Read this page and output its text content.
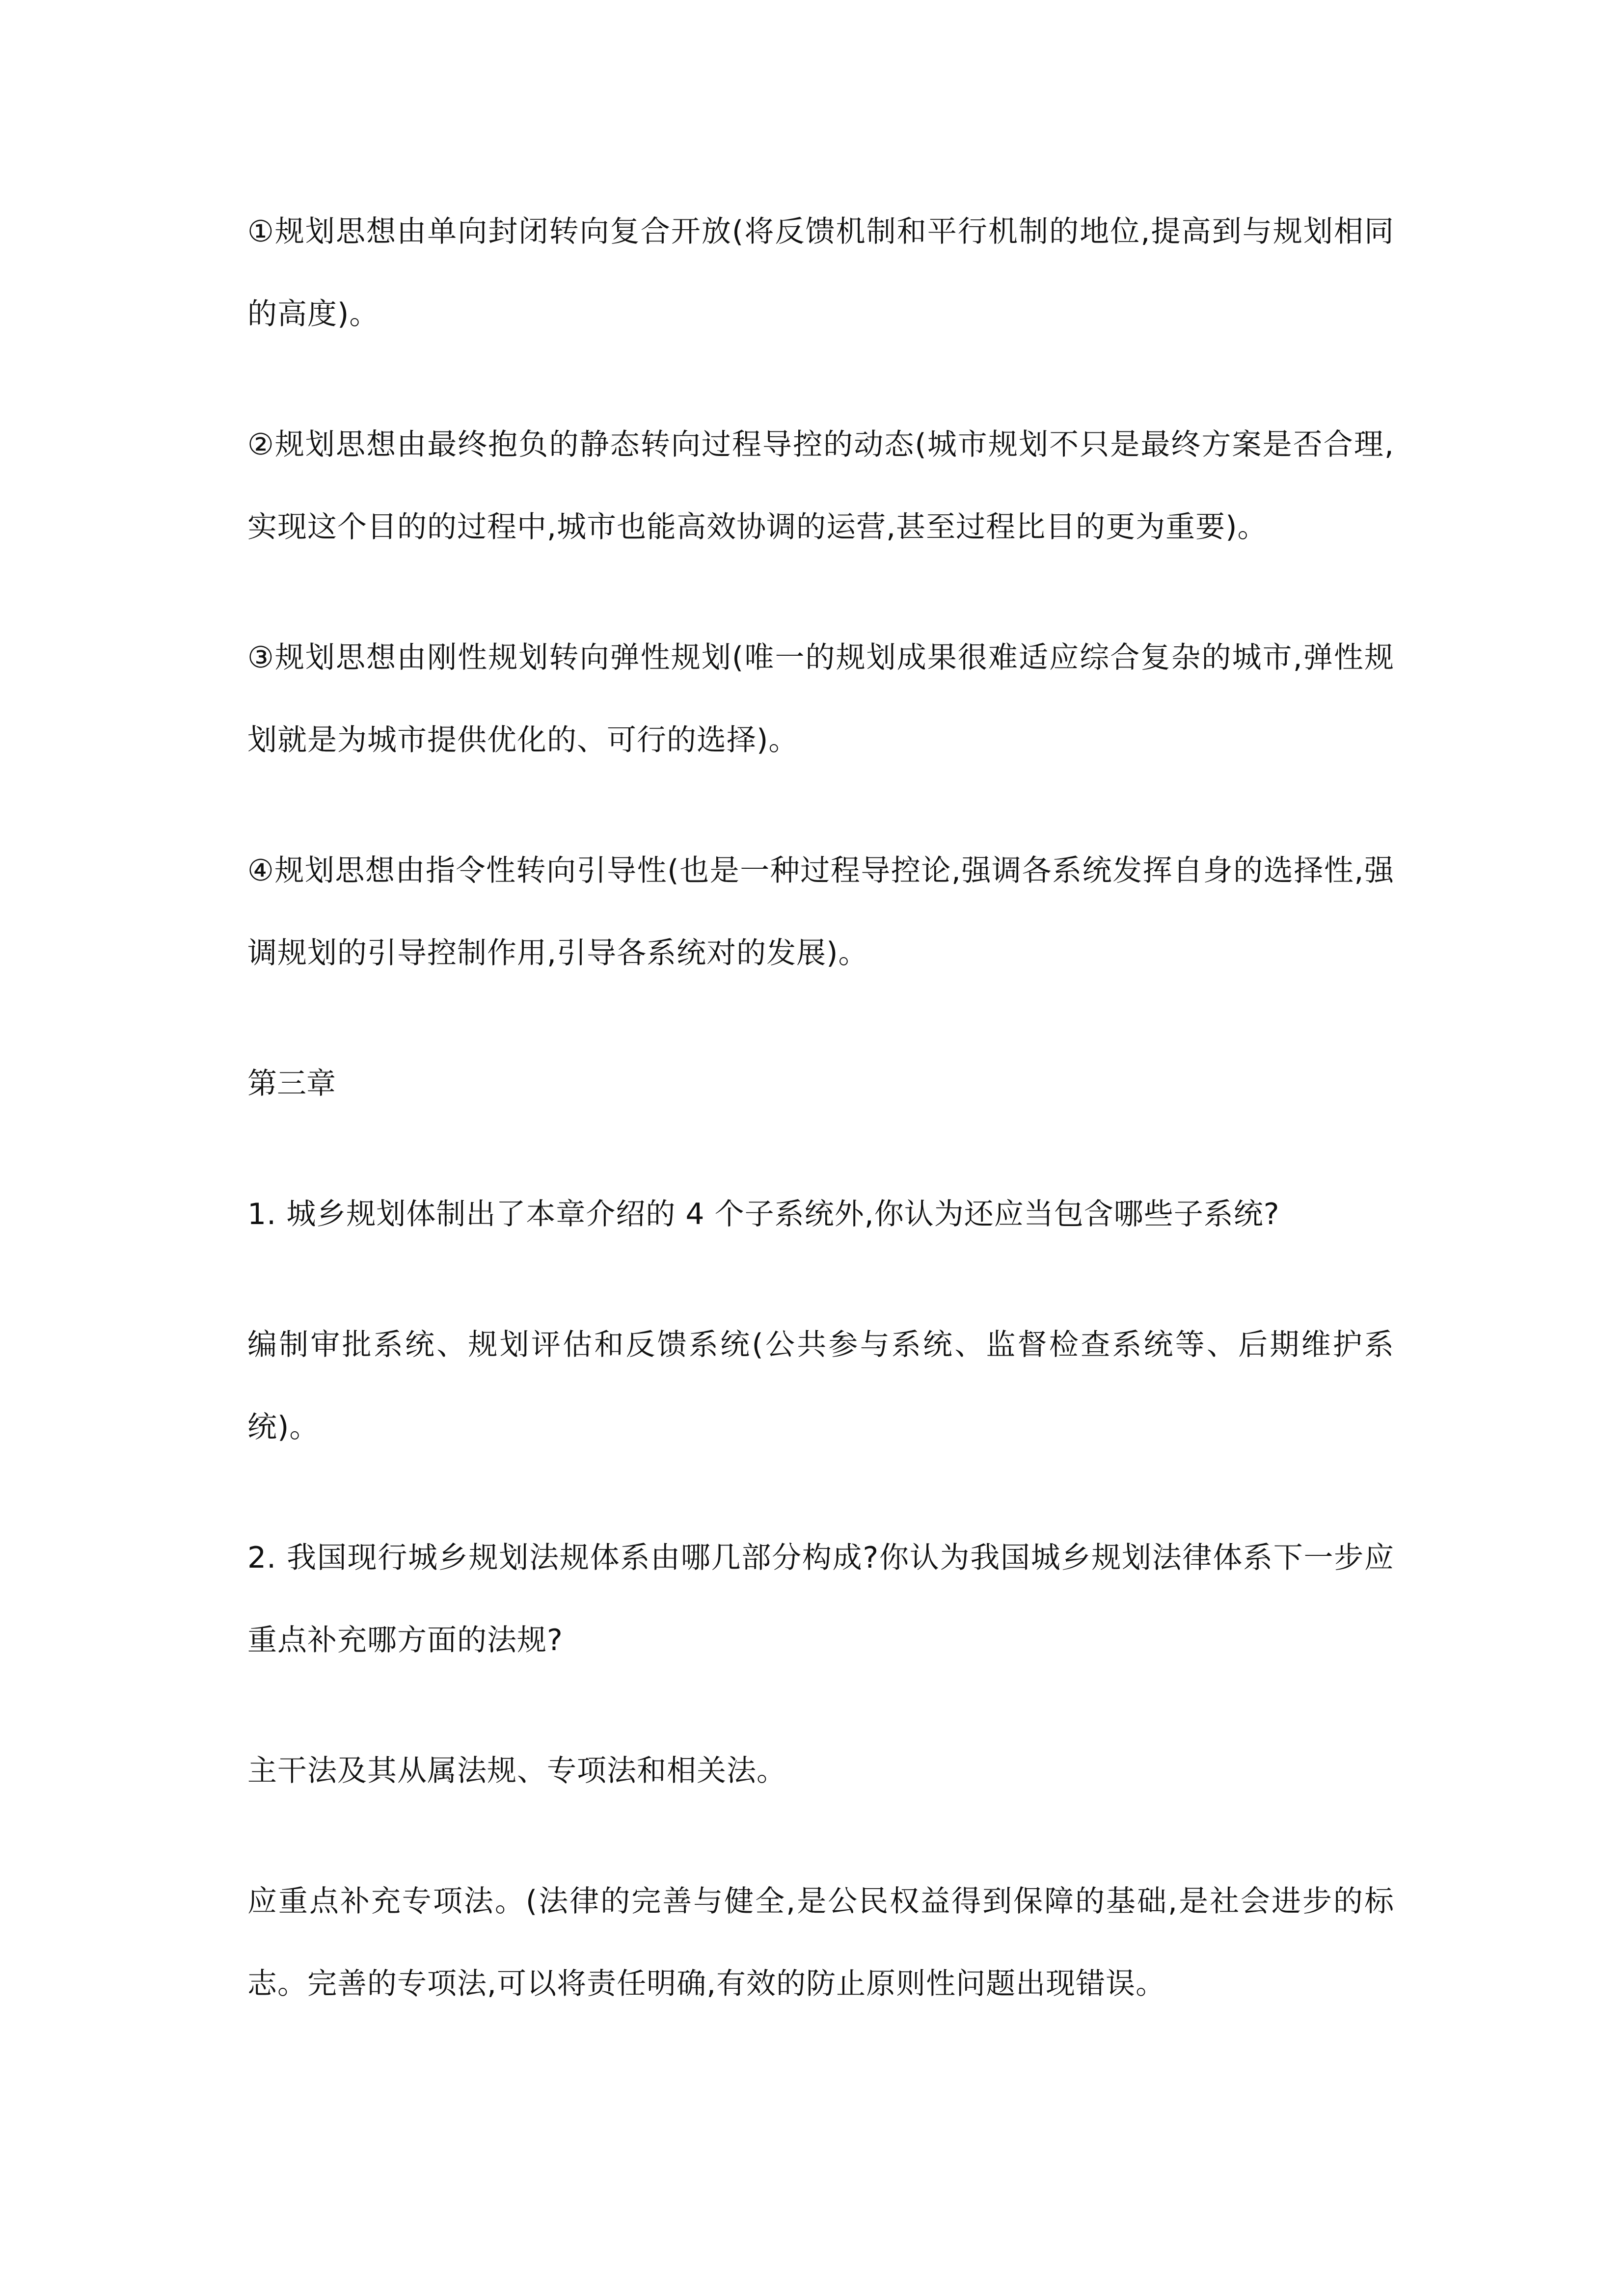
①规划思想由单向封闭转向复合开放(将反馈机制和平行机制的地位,提高到与规划相同的高度)。

②规划思想由最终抱负的静态转向过程导控的动态(城市规划不只是最终方案是否合理,实现这个目的的过程中,城市也能高效协调的运营,甚至过程比目的更为重要)。

③规划思想由刚性规划转向弹性规划(唯一的规划成果很难适应综合复杂的城市,弹性规划就是为城市提供优化的、可行的选择)。

④规划思想由指令性转向引导性(也是一种过程导控论,强调各系统发挥自身的选择性,强调规划的引导控制作用,引导各系统对的发展)。

第三章

1. 城乡规划体制出了本章介绍的 4 个子系统外,你认为还应当包含哪些子系统?

编制审批系统、规划评估和反馈系统(公共参与系统、监督检查系统等、后期维护系统)。

2. 我国现行城乡规划法规体系由哪几部分构成?你认为我国城乡规划法律体系下一步应重点补充哪方面的法规?

主干法及其从属法规、专项法和相关法。

应重点补充专项法。(法律的完善与健全,是公民权益得到保障的基础,是社会进步的标志。完善的专项法,可以将责任明确,有效的防止原则性问题出现错误。
